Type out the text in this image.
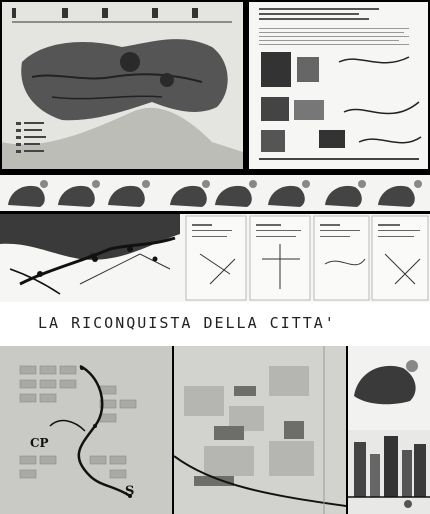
✳
LA RICONQUISTA DELLA CITTA'
CP
S
